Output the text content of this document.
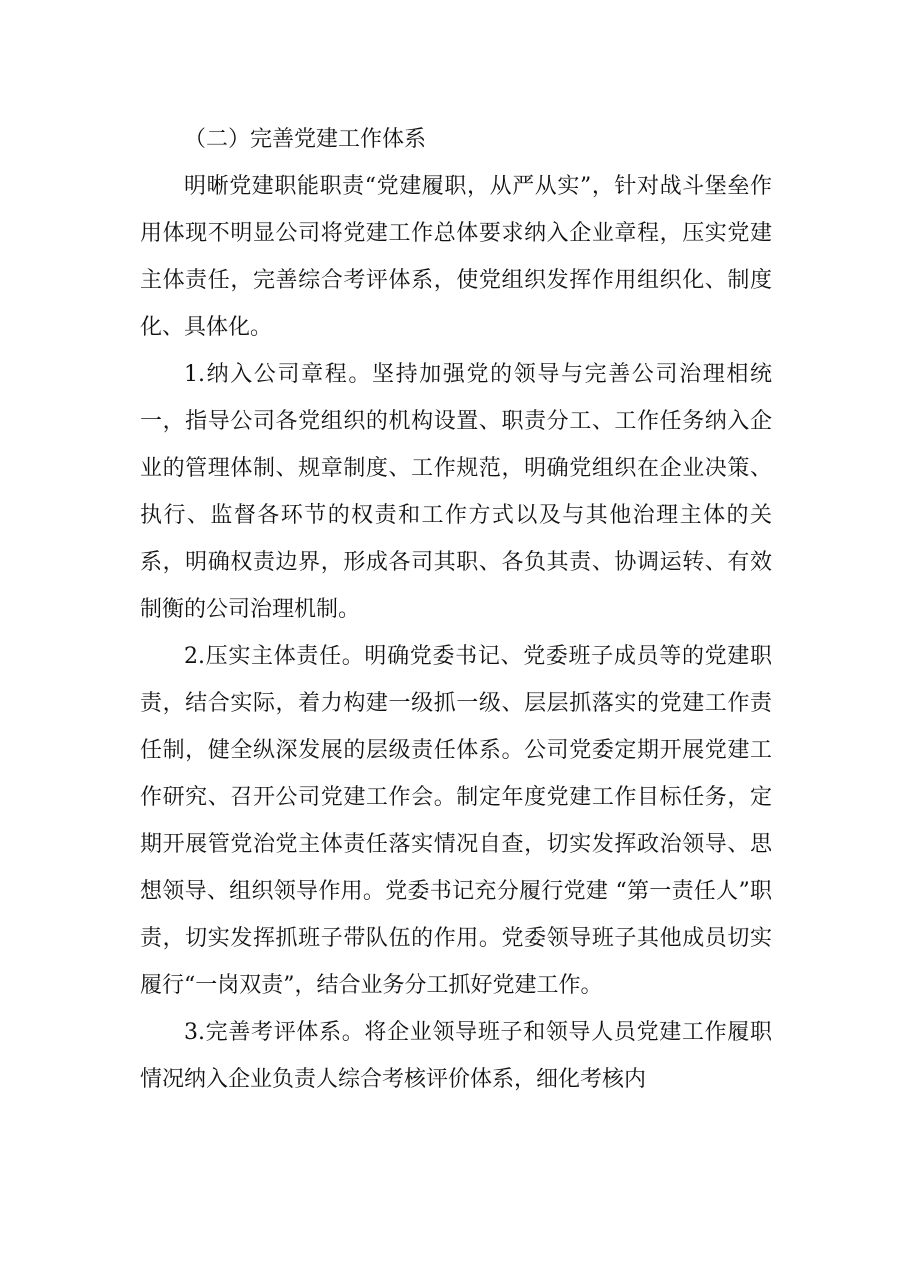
（二）完善党建工作体系

明晰党建职能职责“党建履职，从严从实”，针对战斗堡垒作用体现不明显公司将党建工作总体要求纳入企业章程，压实党建主体责任，完善综合考评体系，使党组织发挥作用组织化、制度化、具体化。

1.纳入公司章程。坚持加强党的领导与完善公司治理相统一，指导公司各党组织的机构设置、职责分工、工作任务纳入企业的管理体制、规章制度、工作规范，明确党组织在企业决策、执行、监督各环节的权责和工作方式以及与其他治理主体的关系，明确权责边界，形成各司其职、各负其责、协调运转、有效制衡的公司治理机制。

2.压实主体责任。明确党委书记、党委班子成员等的党建职责，结合实际，着力构建一级抓一级、层层抓落实的党建工作责任制，健全纵深发展的层级责任体系。公司党委定期开展党建工作研究、召开公司党建工作会。制定年度党建工作目标任务，定期开展管党治党主体责任落实情况自查，切实发挥政治领导、思想领导、组织领导作用。党委书记充分履行党建 “第一责任人”职责，切实发挥抓班子带队伍的作用。党委领导班子其他成员切实履行“一岗双责”，结合业务分工抓好党建工作。

3.完善考评体系。将企业领导班子和领导人员党建工作履职情况纳入企业负责人综合考核评价体系，细化考核内
